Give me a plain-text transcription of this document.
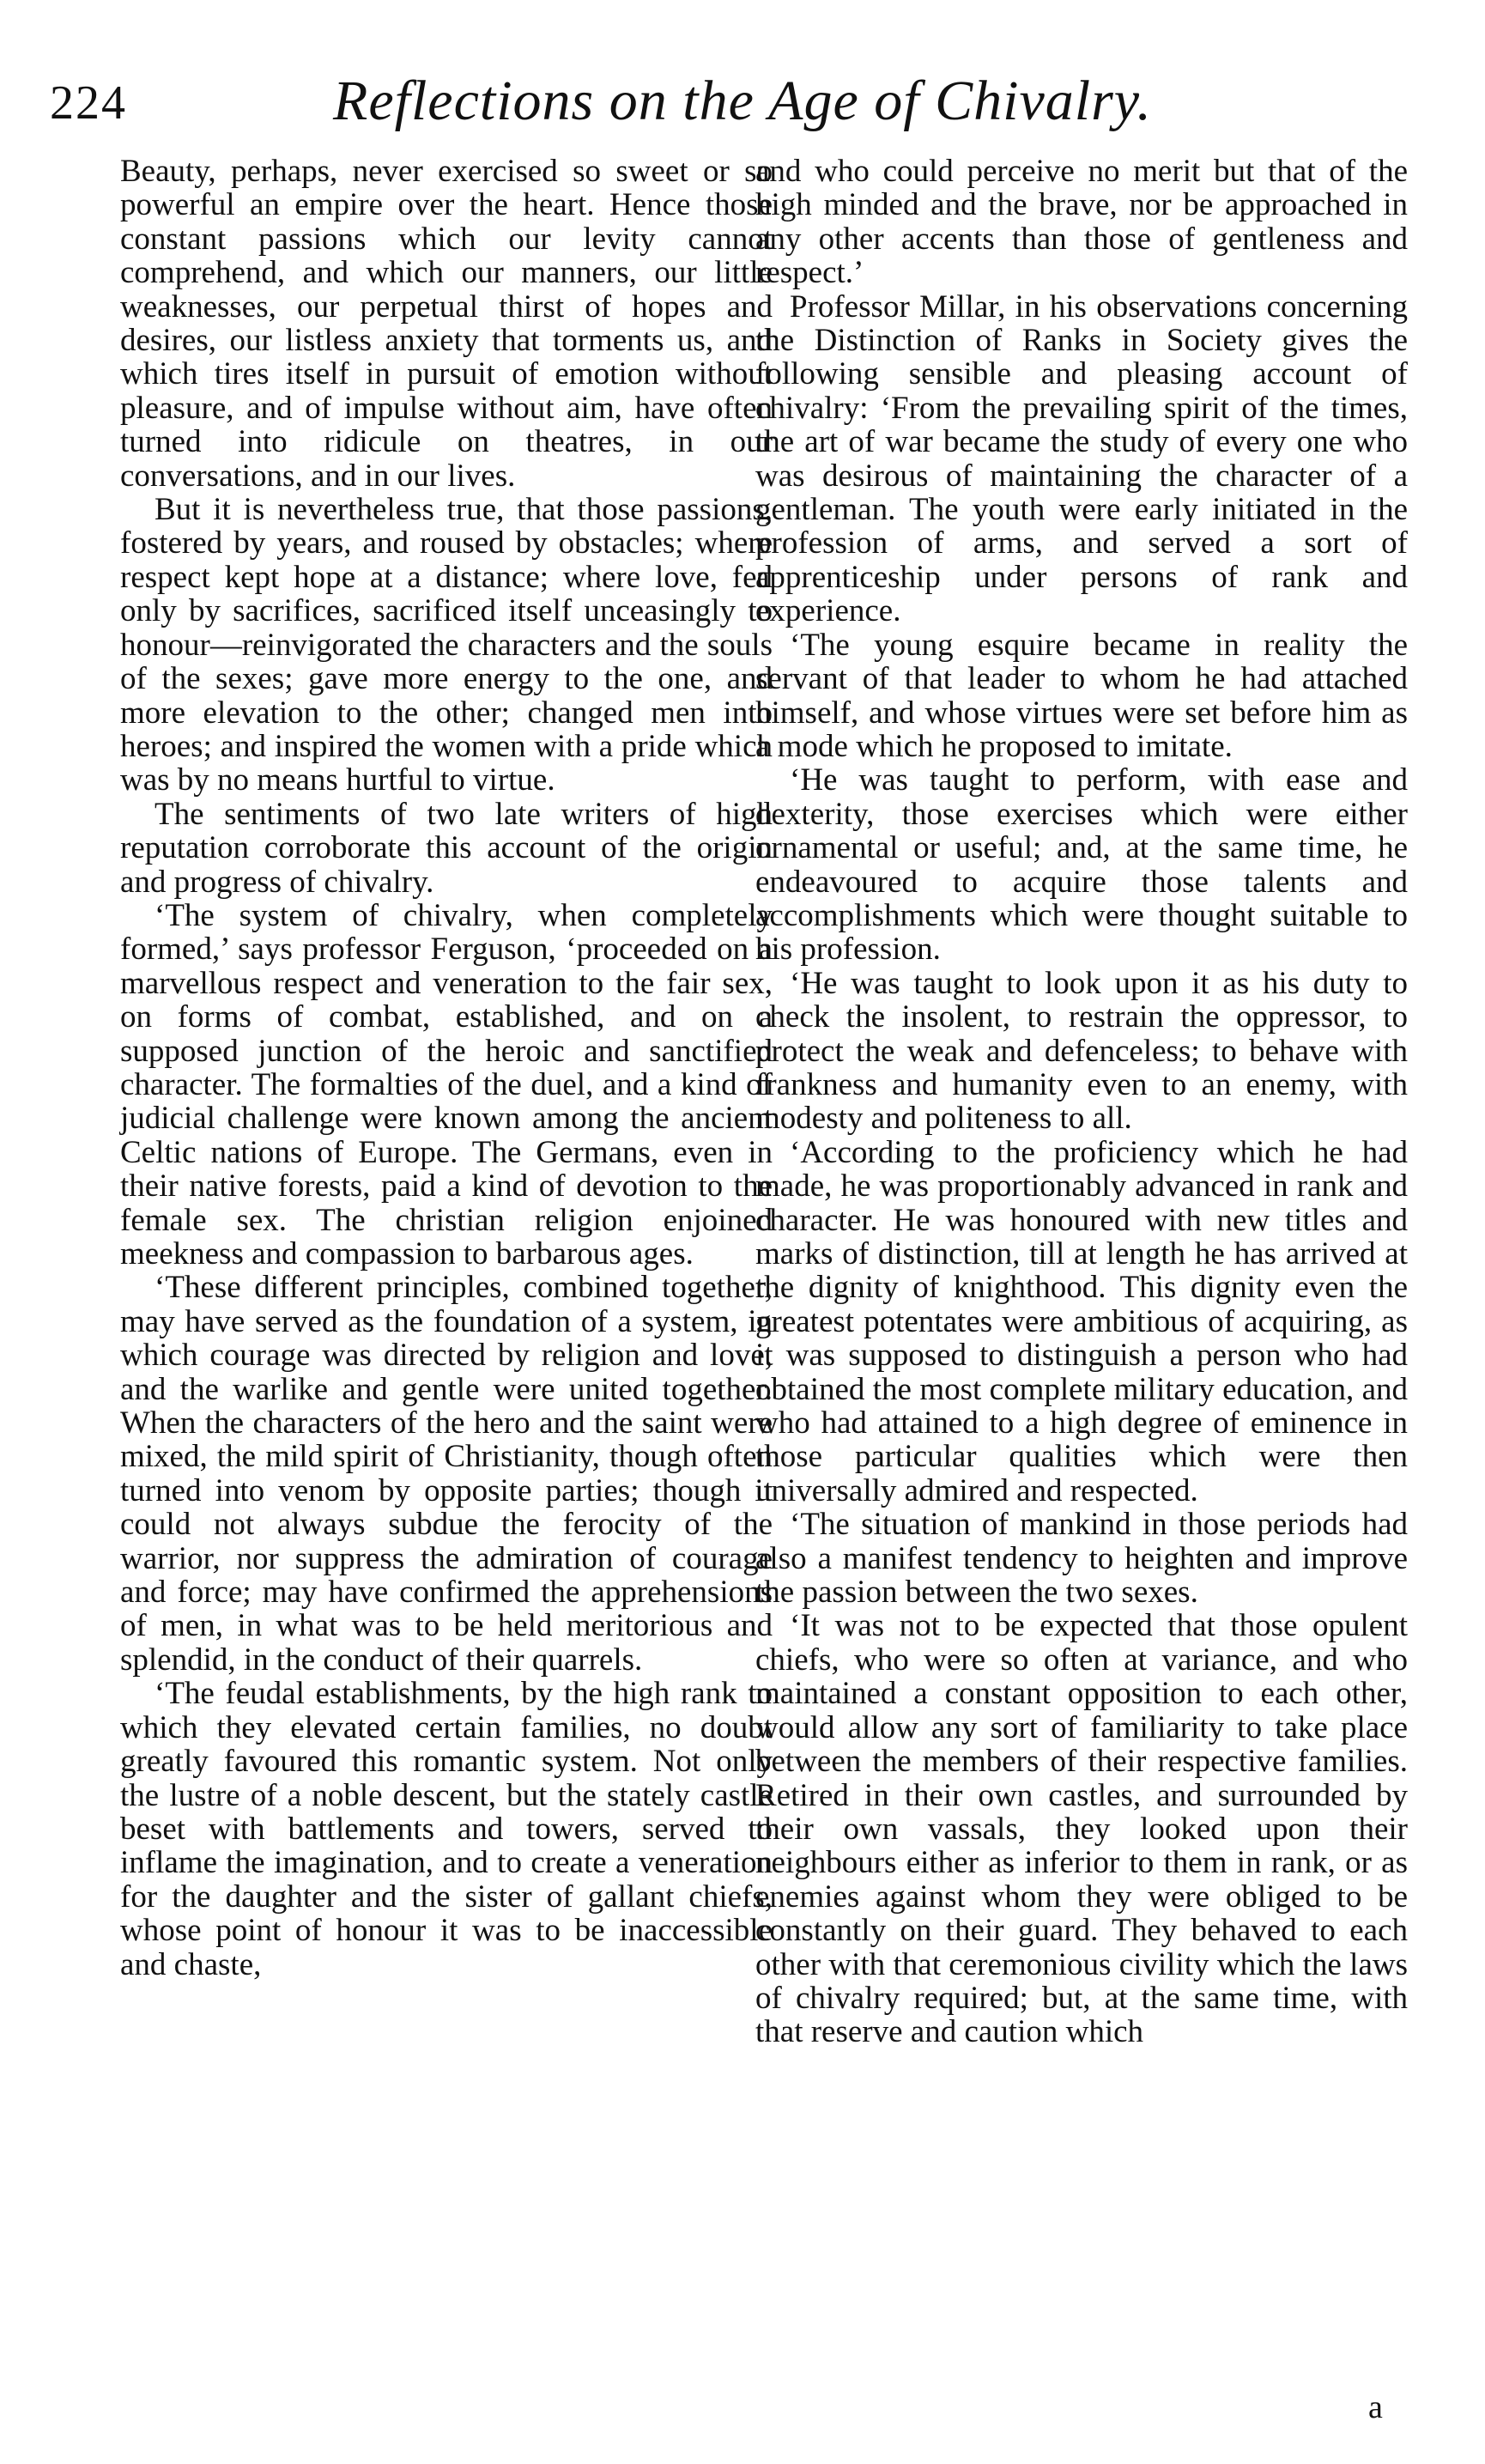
224	Reflections on the Age of Chivalry.

Beauty, perhaps, never exercised so sweet or so powerful an empire over the heart. Hence those constant passions which our levity cannot comprehend, and which our manners, our little weaknesses, our perpetual thirst of hopes and desires, our listless anxiety that torments us, and which tires itself in pursuit of emotion without pleasure, and of impulse without aim, have often turned into ridicule on theatres, in our conversations, and in our lives.

But it is nevertheless true, that those passions, fostered by years, and roused by obstacles; where respect kept hope at a distance; where love, fed only by sacrifices, sacrificed itself unceasingly to honour—reinvigorated the characters and the souls of the sexes; gave more energy to the one, and more elevation to the other; changed men into heroes; and inspired the women with a pride which was by no means hurtful to virtue.

The sentiments of two late writers of high reputation corroborate this account of the origin and progress of chivalry.

‘The system of chivalry, when completely formed,’ says professor Ferguson, ‘proceeded on a marvellous respect and veneration to the fair sex, on forms of combat, established, and on a supposed junction of the heroic and sanctified character. The formalties of the duel, and a kind of judicial challenge were known among the ancient Celtic nations of Europe. The Germans, even in their native forests, paid a kind of devotion to the female sex. The christian religion enjoined meekness and compassion to barbarous ages.

‘These different principles, combined together, may have served as the foundation of a system, in which courage was directed by religion and love, and the warlike and gentle were united together. When the characters of the hero and the saint were mixed, the mild spirit of Christianity, though often turned into venom by opposite parties; though it could not always subdue the ferocity of the warrior, nor suppress the admiration of courage and force; may have confirmed the apprehensions of men, in what was to be held meritorious and splendid, in the conduct of their quarrels.

‘The feudal establishments, by the high rank to which they elevated certain families, no doubt greatly favoured this romantic system. Not only the lustre of a noble descent, but the stately castle beset with battlements and towers, served to inflame the imagination, and to create a veneration for the daughter and the sister of gallant chiefs, whose point of honour it was to be inaccessible and chaste,

and who could perceive no merit but that of the high minded and the brave, nor be approached in any other accents than those of gentleness and respect.’

Professor Millar, in his observations concerning the Distinction of Ranks in Society gives the following sensible and pleasing account of chivalry: ‘From the prevailing spirit of the times, the art of war became the study of every one who was desirous of maintaining the character of a gentleman. The youth were early initiated in the profession of arms, and served a sort of apprenticeship under persons of rank and experience.

‘The young esquire became in reality the servant of that leader to whom he had attached himself, and whose virtues were set before him as a mode which he proposed to imitate.

‘He was taught to perform, with ease and dexterity, those exercises which were either ornamental or useful; and, at the same time, he endeavoured to acquire those talents and accomplishments which were thought suitable to his profession.

‘He was taught to look upon it as his duty to check the insolent, to restrain the oppressor, to protect the weak and defenceless; to behave with frankness and humanity even to an enemy, with modesty and politeness to all.

‘According to the proficiency which he had made, he was proportionably advanced in rank and character. He was honoured with new titles and marks of distinction, till at length he has arrived at the dignity of knighthood. This dignity even the greatest potentates were ambitious of acquiring, as it was supposed to distinguish a person who had obtained the most complete military education, and who had attained to a high degree of eminence in those particular qualities which were then universally admired and respected.

‘The situation of mankind in those periods had also a manifest tendency to heighten and improve the passion between the two sexes.

‘It was not to be expected that those opulent chiefs, who were so often at variance, and who maintained a constant opposition to each other, would allow any sort of familiarity to take place between the members of their respective families. Retired in their own castles, and surrounded by their own vassals, they looked upon their neighbours either as inferior to them in rank, or as enemies against whom they were obliged to be constantly on their guard. They behaved to each other with that ceremonious civility which the laws of chivalry required; but, at the same time, with that reserve and caution which

a
